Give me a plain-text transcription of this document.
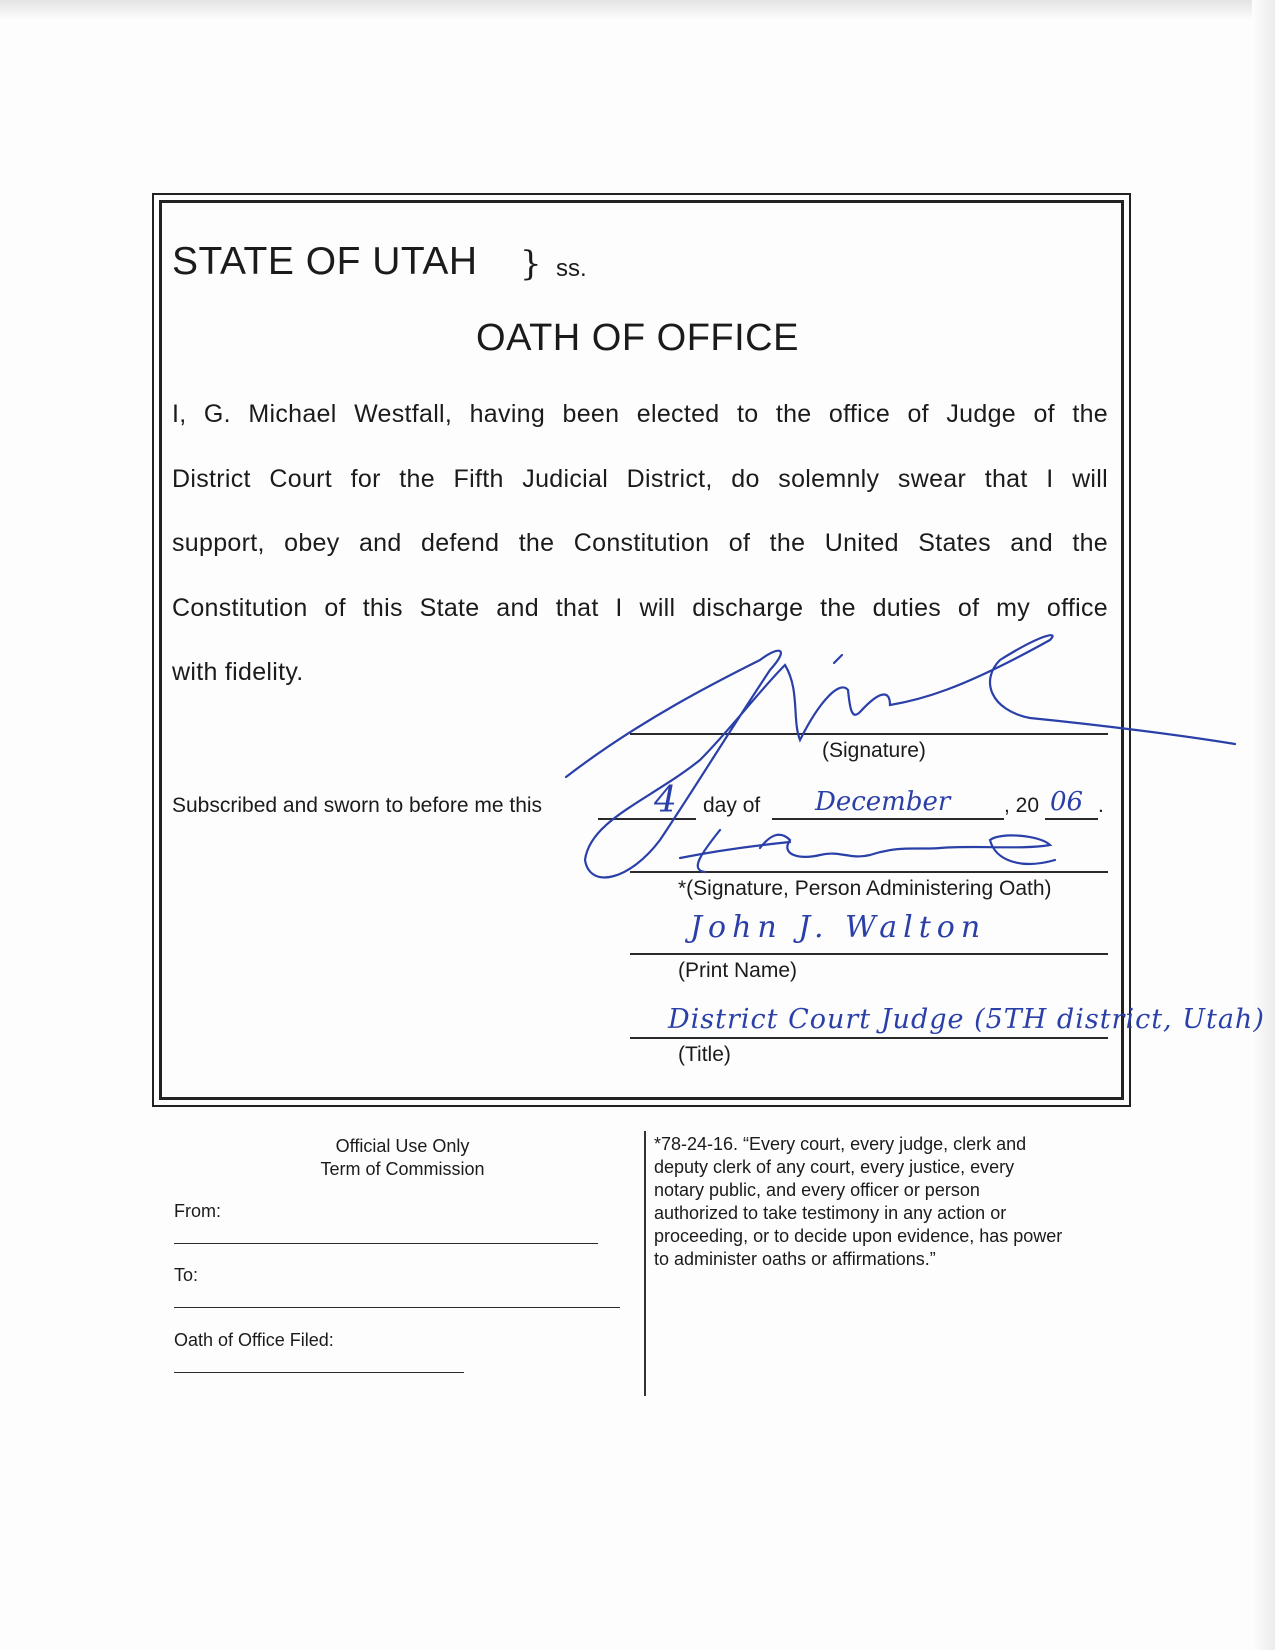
STATE OF UTAH } ss.
OATH OF OFFICE
I, G. Michael Westfall, having been elected to the office of Judge of the
District Court for the Fifth Judicial District, do solemnly swear that I will
support, obey and defend the Constitution of the United States and the
Constitution of this State and that I will discharge the duties of my office
with fidelity.
(Signature)
Subscribed and sworn to before me this	4 day of December	, 20 06 .
*(Signature, Person Administering Oath)
John J. Walton
(Print Name)
District Court Judge (5TH district, Utah)
(Title)
Official Use Only
Term of Commission
From:
To:
Oath of Office Filed:
*78-24-16. “Every court, every judge, clerk and
deputy clerk of any court, every justice, every
notary public, and every officer or person
authorized to take testimony in any action or
proceeding, or to decide upon evidence, has power
to administer oaths or affirmations.”
